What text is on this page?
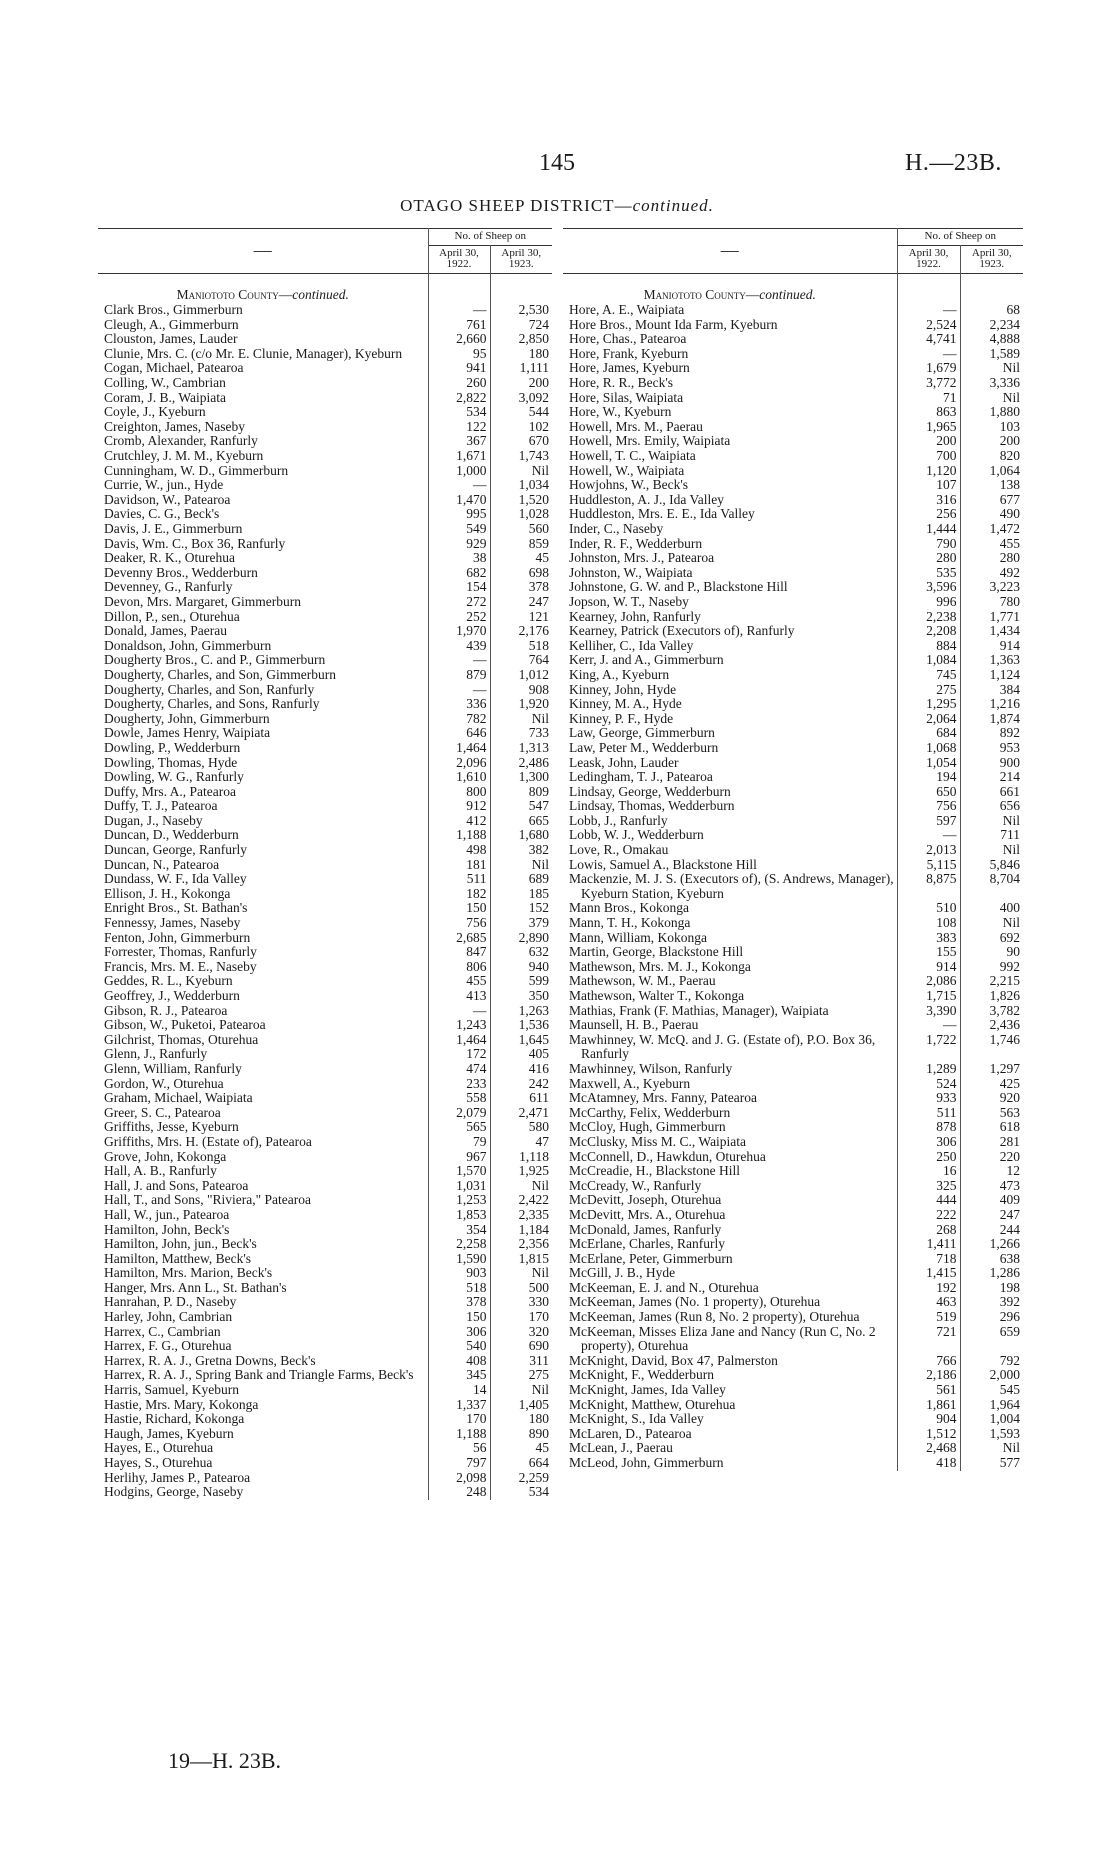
145	H.—23B.
OTAGO SHEEP DISTRICT—continued.
—	No. of Sheep on	
	April 30, 1922.	April 30, 1923.
Maniototo County—continued.		
Clark Bros., Gimmerburn	—	2,530
Cleugh, A., Gimmerburn	761	724
Clouston, James, Lauder	2,660	2,850
Clunie, Mrs. C. (c/o Mr. E. Clunie, Manager), Kyeburn	95	180
Cogan, Michael, Patearoa	941	1,111
Colling, W., Cambrian	260	200
Coram, J. B., Waipiata	2,822	3,092
Coyle, J., Kyeburn	534	544
Creighton, James, Naseby	122	102
Cromb, Alexander, Ranfurly	367	670
Crutchley, J. M. M., Kyeburn	1,671	1,743
Cunningham, W. D., Gimmerburn	1,000	Nil
Currie, W., jun., Hyde	—	1,034
Davidson, W., Patearoa	1,470	1,520
Davies, C. G., Beck's	995	1,028
Davis, J. E., Gimmerburn	549	560
Davis, Wm. C., Box 36, Ranfurly	929	859
Deaker, R. K., Oturehua	38	45
Devenny Bros., Wedderburn	682	698
Devenney, G., Ranfurly	154	378
Devon, Mrs. Margaret, Gimmerburn	272	247
Dillon, P., sen., Oturehua	252	121
Donald, James, Paerau	1,970	2,176
Donaldson, John, Gimmerburn	439	518
Dougherty Bros., C. and P., Gimmerburn	—	764
Dougherty, Charles, and Son, Gimmerburn	879	1,012
Dougherty, Charles, and Son, Ranfurly	—	908
Dougherty, Charles, and Sons, Ranfurly	336	1,920
Dougherty, John, Gimmerburn	782	Nil
Dowle, James Henry, Waipiata	646	733
Dowling, P., Wedderburn	1,464	1,313
Dowling, Thomas, Hyde	2,096	2,486
Dowling, W. G., Ranfurly	1,610	1,300
Duffy, Mrs. A., Patearoa	800	809
Duffy, T. J., Patearoa	912	547
Dugan, J., Naseby	412	665
Duncan, D., Wedderburn	1,188	1,680
Duncan, George, Ranfurly	498	382
Duncan, N., Patearoa	181	Nil
Dundass, W. F., Ida Valley	511	689
Ellison, J. H., Kokonga	182	185
Enright Bros., St. Bathan's	150	152
Fennessy, James, Naseby	756	379
Fenton, John, Gimmerburn	2,685	2,890
Forrester, Thomas, Ranfurly	847	632
Francis, Mrs. M. E., Naseby	806	940
Geddes, R. L., Kyeburn	455	599
Geoffrey, J., Wedderburn	413	350
Gibson, R. J., Patearoa	—	1,263
Gibson, W., Puketoi, Patearoa	1,243	1,536
Gilchrist, Thomas, Oturehua	1,464	1,645
Glenn, J., Ranfurly	172	405
Glenn, William, Ranfurly	474	416
Gordon, W., Oturehua	233	242
Graham, Michael, Waipiata	558	611
Greer, S. C., Patearoa	2,079	2,471
Griffiths, Jesse, Kyeburn	565	580
Griffiths, Mrs. H. (Estate of), Patearoa	79	47
Grove, John, Kokonga	967	1,118
Hall, A. B., Ranfurly	1,570	1,925
Hall, J. and Sons, Patearoa	1,031	Nil
Hall, T., and Sons, "Riviera," Patearoa	1,253	2,422
Hall, W., jun., Patearoa	1,853	2,335
Hamilton, John, Beck's	354	1,184
Hamilton, John, jun., Beck's	2,258	2,356
Hamilton, Matthew, Beck's	1,590	1,815
Hamilton, Mrs. Marion, Beck's	903	Nil
Hanger, Mrs. Ann L., St. Bathan's	518	500
Hanrahan, P. D., Naseby	378	330
Harley, John, Cambrian	150	170
Harrex, C., Cambrian	306	320
Harrex, F. G., Oturehua	540	690
Harrex, R. A. J., Gretna Downs, Beck's	408	311
Harrex, R. A. J., Spring Bank and Triangle Farms, Beck's	345	275
Harris, Samuel, Kyeburn	14	Nil
Hastie, Mrs. Mary, Kokonga	1,337	1,405
Hastie, Richard, Kokonga	170	180
Haugh, James, Kyeburn	1,188	890
Hayes, E., Oturehua	56	45
Hayes, S., Oturehua	797	664
Herlihy, James P., Patearoa	2,098	2,259
Hodgins, George, Naseby	248	534
—	No. of Sheep on	
	April 30, 1922.	April 30, 1923.
Maniototo County—continued.		
Hore, A. E., Waipiata	—	68
Hore Bros., Mount Ida Farm, Kyeburn	2,524	2,234
Hore, Chas., Patearoa	4,741	4,888
Hore, Frank, Kyeburn	—	1,589
Hore, James, Kyeburn	1,679	Nil
Hore, R. R., Beck's	3,772	3,336
Hore, Silas, Waipiata	71	Nil
Hore, W., Kyeburn	863	1,880
Howell, Mrs. M., Paerau	1,965	103
Howell, Mrs. Emily, Waipiata	200	200
Howell, T. C., Waipiata	700	820
Howell, W., Waipiata	1,120	1,064
Howjohns, W., Beck's	107	138
Huddleston, A. J., Ida Valley	316	677
Huddleston, Mrs. E. E., Ida Valley	256	490
Inder, C., Naseby	1,444	1,472
Inder, R. F., Wedderburn	790	455
Johnston, Mrs. J., Patearoa	280	280
Johnston, W., Waipiata	535	492
Johnstone, G. W. and P., Blackstone Hill	3,596	3,223
Jopson, W. T., Naseby	996	780
Kearney, John, Ranfurly	2,238	1,771
Kearney, Patrick (Executors of), Ranfurly	2,208	1,434
Kelliher, C., Ida Valley	884	914
Kerr, J. and A., Gimmerburn	1,084	1,363
King, A., Kyeburn	745	1,124
Kinney, John, Hyde	275	384
Kinney, M. A., Hyde	1,295	1,216
Kinney, P. F., Hyde	2,064	1,874
Law, George, Gimmerburn	684	892
Law, Peter M., Wedderburn	1,068	953
Leask, John, Lauder	1,054	900
Ledingham, T. J., Patearoa	194	214
Lindsay, George, Wedderburn	650	661
Lindsay, Thomas, Wedderburn	756	656
Lobb, J., Ranfurly	597	Nil
Lobb, W. J., Wedderburn	—	711
Love, R., Omakau	2,013	Nil
Lowis, Samuel A., Blackstone Hill	5,115	5,846
Mackenzie, M. J. S. (Executors of), (S. Andrews, Manager), Kyeburn Station, Kyeburn	8,875	8,704
Mann Bros., Kokonga	510	400
Mann, T. H., Kokonga	108	Nil
Mann, William, Kokonga	383	692
Martin, George, Blackstone Hill	155	90
Mathewson, Mrs. M. J., Kokonga	914	992
Mathewson, W. M., Paerau	2,086	2,215
Mathewson, Walter T., Kokonga	1,715	1,826
Mathias, Frank (F. Mathias, Manager), Waipiata	3,390	3,782
Maunsell, H. B., Paerau	—	2,436
Mawhinney, W. McQ. and J. G. (Estate of), P.O. Box 36, Ranfurly	1,722	1,746
Mawhinney, Wilson, Ranfurly	1,289	1,297
Maxwell, A., Kyeburn	524	425
McAtamney, Mrs. Fanny, Patearoa	933	920
McCarthy, Felix, Wedderburn	511	563
McCloy, Hugh, Gimmerburn	878	618
McClusky, Miss M. C., Waipiata	306	281
McConnell, D., Hawkdun, Oturehua	250	220
McCreadie, H., Blackstone Hill	16	12
McCready, W., Ranfurly	325	473
McDevitt, Joseph, Oturehua	444	409
McDevitt, Mrs. A., Oturehua	222	247
McDonald, James, Ranfurly	268	244
McErlane, Charles, Ranfurly	1,411	1,266
McErlane, Peter, Gimmerburn	718	638
McGill, J. B., Hyde	1,415	1,286
McKeeman, E. J. and N., Oturehua	192	198
McKeeman, James (No. 1 property), Oturehua	463	392
McKeeman, James (Run 8, No. 2 property), Oturehua	519	296
McKeeman, Misses Eliza Jane and Nancy (Run C, No. 2 property), Oturehua	721	659
McKnight, David, Box 47, Palmerston	766	792
McKnight, F., Wedderburn	2,186	2,000
McKnight, James, Ida Valley	561	545
McKnight, Matthew, Oturehua	1,861	1,964
McKnight, S., Ida Valley	904	1,004
McLaren, D., Patearoa	1,512	1,593
McLean, J., Paerau	2,468	Nil
McLeod, John, Gimmerburn	418	577
19—H. 23B.
